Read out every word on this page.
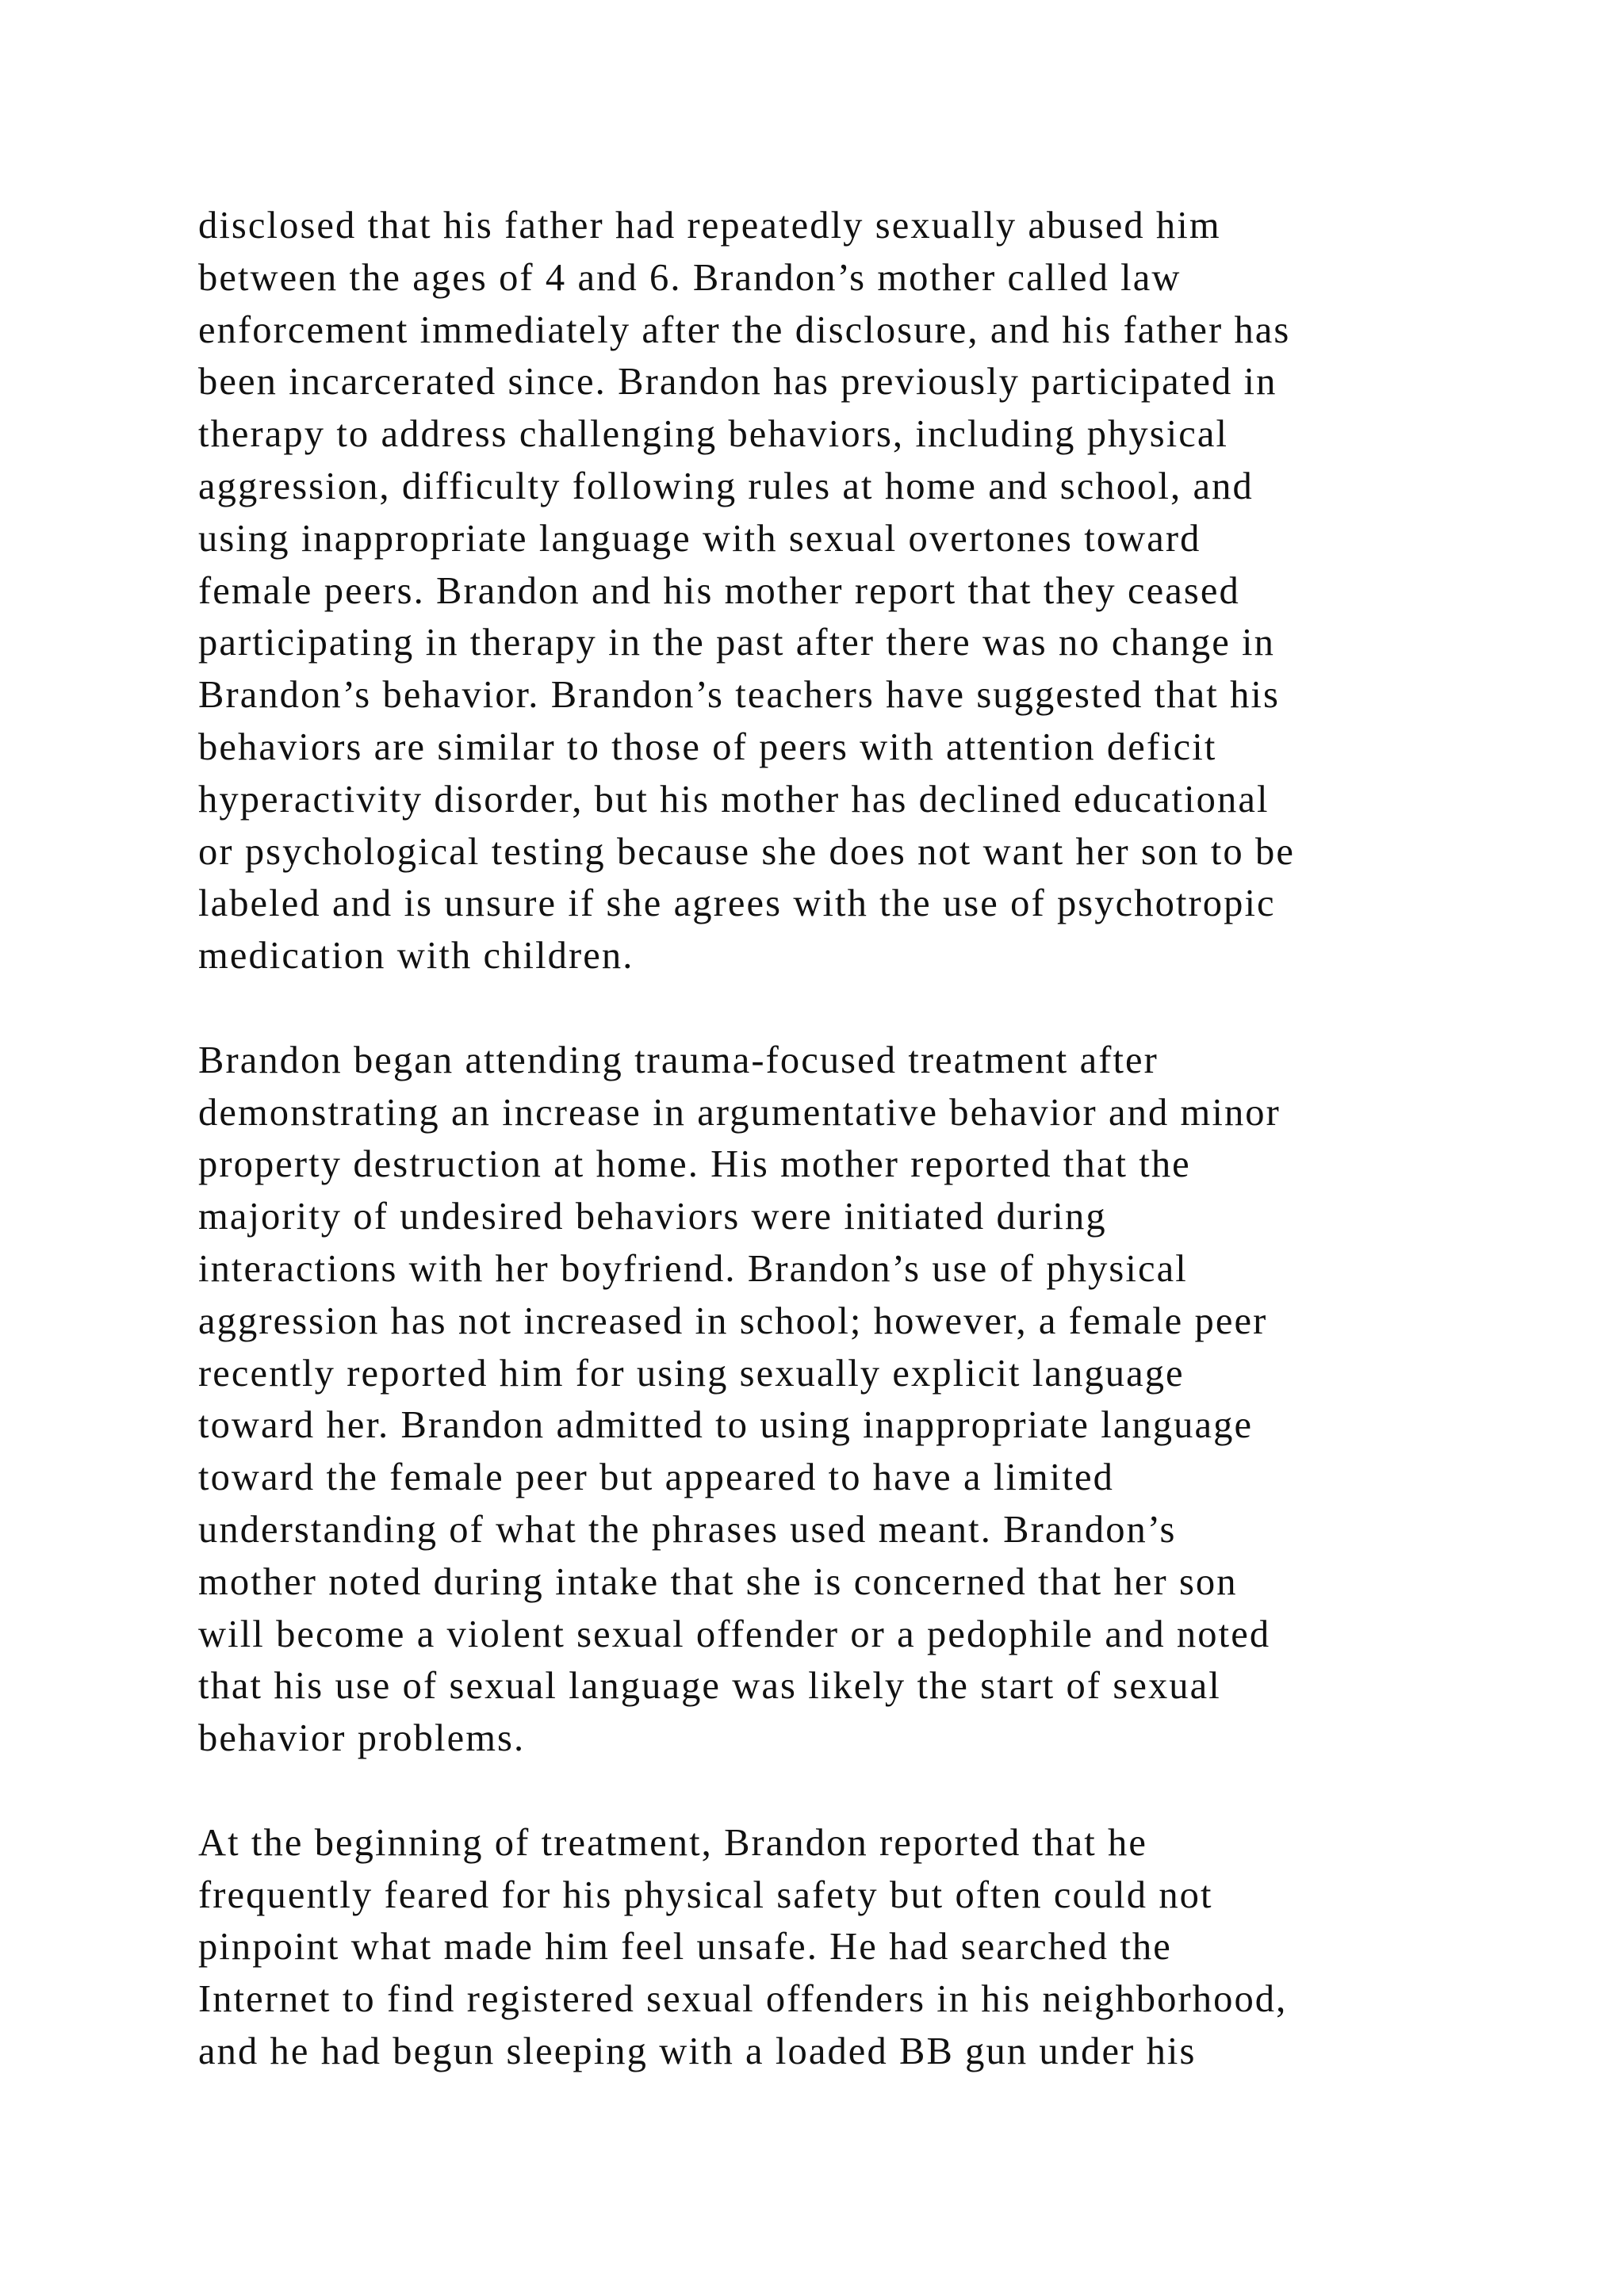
disclosed that his father had repeatedly sexually abused him
between the ages of 4 and 6. Brandon’s mother called law
enforcement immediately after the disclosure, and his father has
been incarcerated since. Brandon has previously participated in
therapy to address challenging behaviors, including physical
aggression, difficulty following rules at home and school, and
using inappropriate language with sexual overtones toward
female peers. Brandon and his mother report that they ceased
participating in therapy in the past after there was no change in
Brandon’s behavior. Brandon’s teachers have suggested that his
behaviors are similar to those of peers with attention deficit
hyperactivity disorder, but his mother has declined educational
or psychological testing because she does not want her son to be
labeled and is unsure if she agrees with the use of psychotropic
medication with children.

Brandon began attending trauma-focused treatment after
demonstrating an increase in argumentative behavior and minor
property destruction at home. His mother reported that the
majority of undesired behaviors were initiated during
interactions with her boyfriend. Brandon’s use of physical
aggression has not increased in school; however, a female peer
recently reported him for using sexually explicit language
toward her. Brandon admitted to using inappropriate language
toward the female peer but appeared to have a limited
understanding of what the phrases used meant. Brandon’s
mother noted during intake that she is concerned that her son
will become a violent sexual offender or a pedophile and noted
that his use of sexual language was likely the start of sexual
behavior problems.

At the beginning of treatment, Brandon reported that he
frequently feared for his physical safety but often could not
pinpoint what made him feel unsafe. He had searched the
Internet to find registered sexual offenders in his neighborhood,
and he had begun sleeping with a loaded BB gun under his
